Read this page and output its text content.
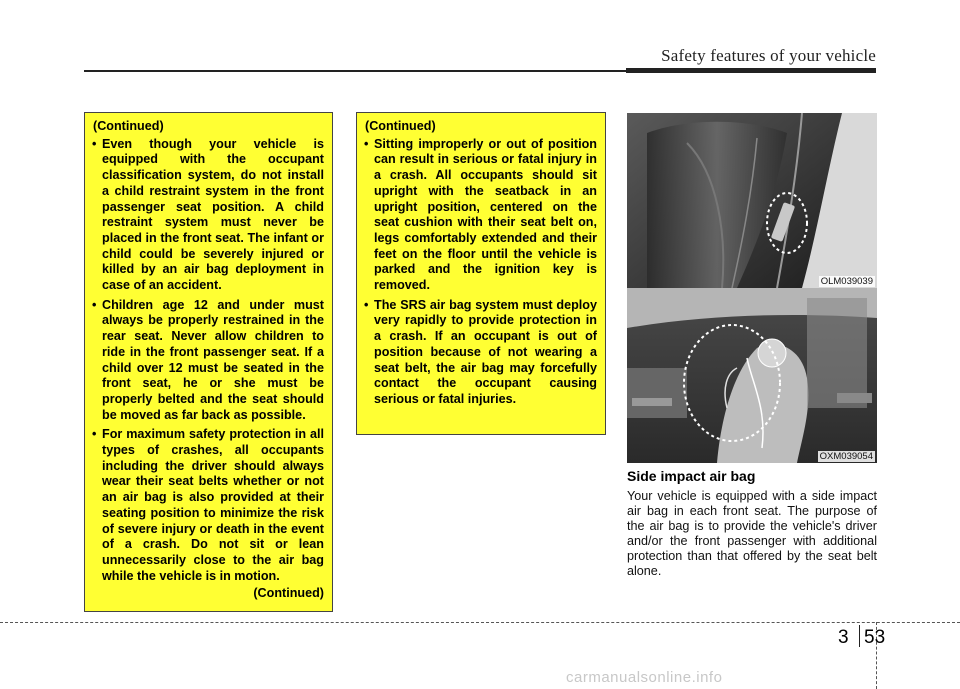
Safety features of your vehicle
(Continued)
• Even though your vehicle is equipped with the occupant classification system, do not install a child restraint system in the front passenger seat position. A child restraint system must never be placed in the front seat. The infant or child could be severely injured or killed by an air bag deployment in case of an accident.
• Children age 12 and under must always be properly restrained in the rear seat. Never allow children to ride in the front passenger seat. If a child over 12 must be seated in the front seat, he or she must be properly belted and the seat should be moved as far back as possible.
• For maximum safety protection in all types of crashes, all occupants including the driver should always wear their seat belts whether or not an air bag is also provided at their seating position to minimize the risk of severe injury or death in the event of a crash. Do not sit or lean unnecessarily close to the air bag while the vehicle is in motion.
(Continued)
(Continued)
• Sitting improperly or out of position can result in serious or fatal injury in a crash. All occupants should sit upright with the seatback in an upright position, centered on the seat cushion with their seat belt on, legs comfortably extended and their feet on the floor until the vehicle is parked and the ignition key is removed.
• The SRS air bag system must deploy very rapidly to provide protection in a crash. If an occupant is out of position because of not wearing a seat belt, the air bag may forcefully contact the occupant causing serious or fatal injuries.
OLM039039
OXM039054
Side impact air bag
Your vehicle is equipped with a side impact air bag in each front seat. The purpose of the air bag is to provide the vehicle's driver and/or the front passenger with additional protection than that offered by the seat belt alone.
3 53
carmanualsonline.info
